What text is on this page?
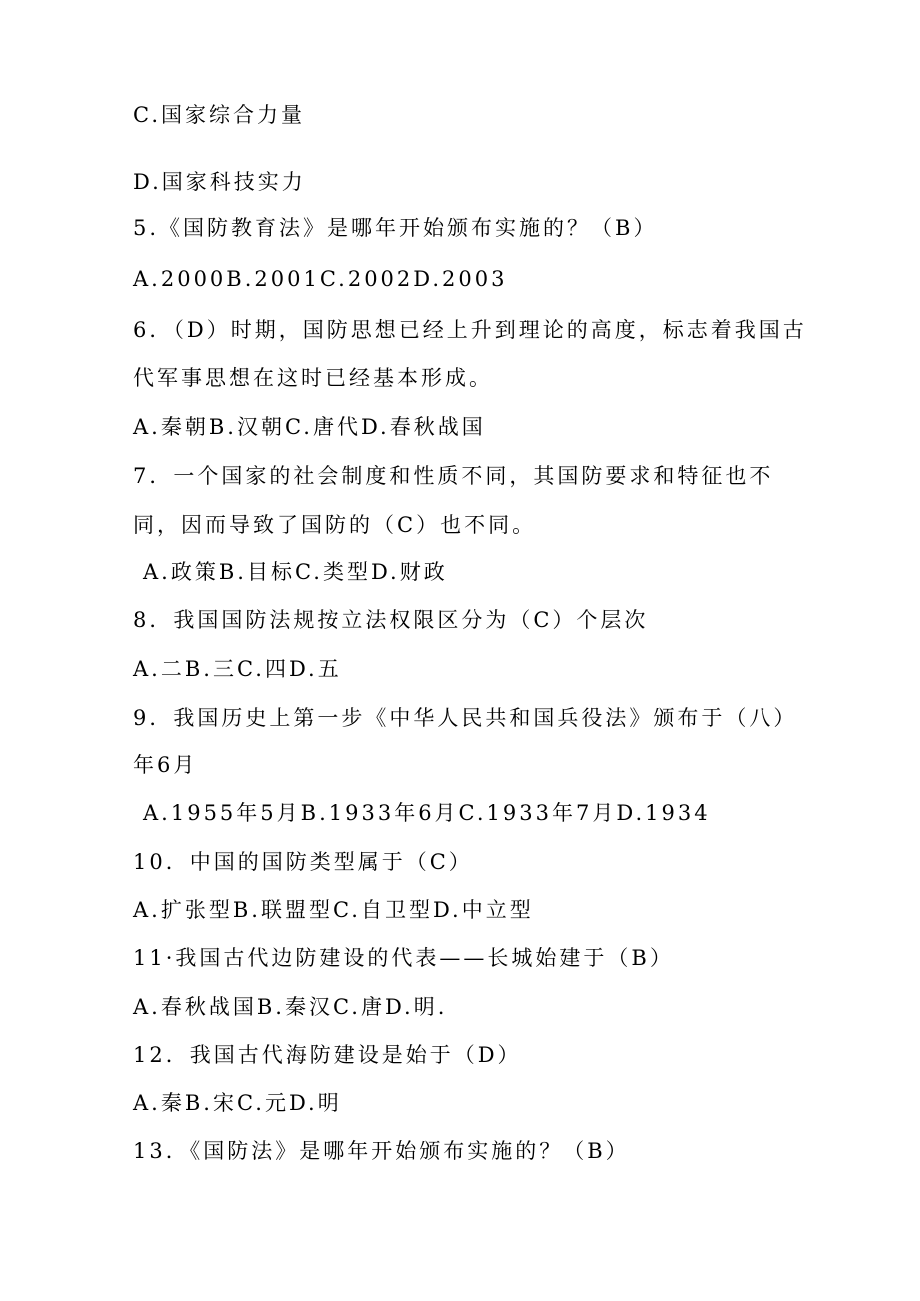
C.国家综合力量
D.国家科技实力
5.《国防教育法》是哪年开始颁布实施的？（B）
A.2000B.2001C.2002D.2003
6．（D）时期，国防思想已经上升到理论的高度，标志着我国古
代军事思想在这时已经基本形成。
A.秦朝B.汉朝C.唐代D.春秋战国
7．一个国家的社会制度和性质不同，其国防要求和特征也不
同，因而导致了国防的（C）也不同。
A.政策B.目标C.类型D.财政
8．我国国防法规按立法权限区分为（C）个层次
A.二B.三C.四D.五
9．我国历史上第一步《中华人民共和国兵役法》颁布于（八）
年6月
A.1955年5月B.1933年6月C.1933年7月D.1934
10．中国的国防类型属于（C）
A.扩张型B.联盟型C.自卫型D.中立型
11·我国古代边防建设的代表——长城始建于（B）
A.春秋战国B.秦汉C.唐D.明.
12．我国古代海防建设是始于（D）
A.秦B.宋C.元D.明
13．《国防法》是哪年开始颁布实施的？（B）
